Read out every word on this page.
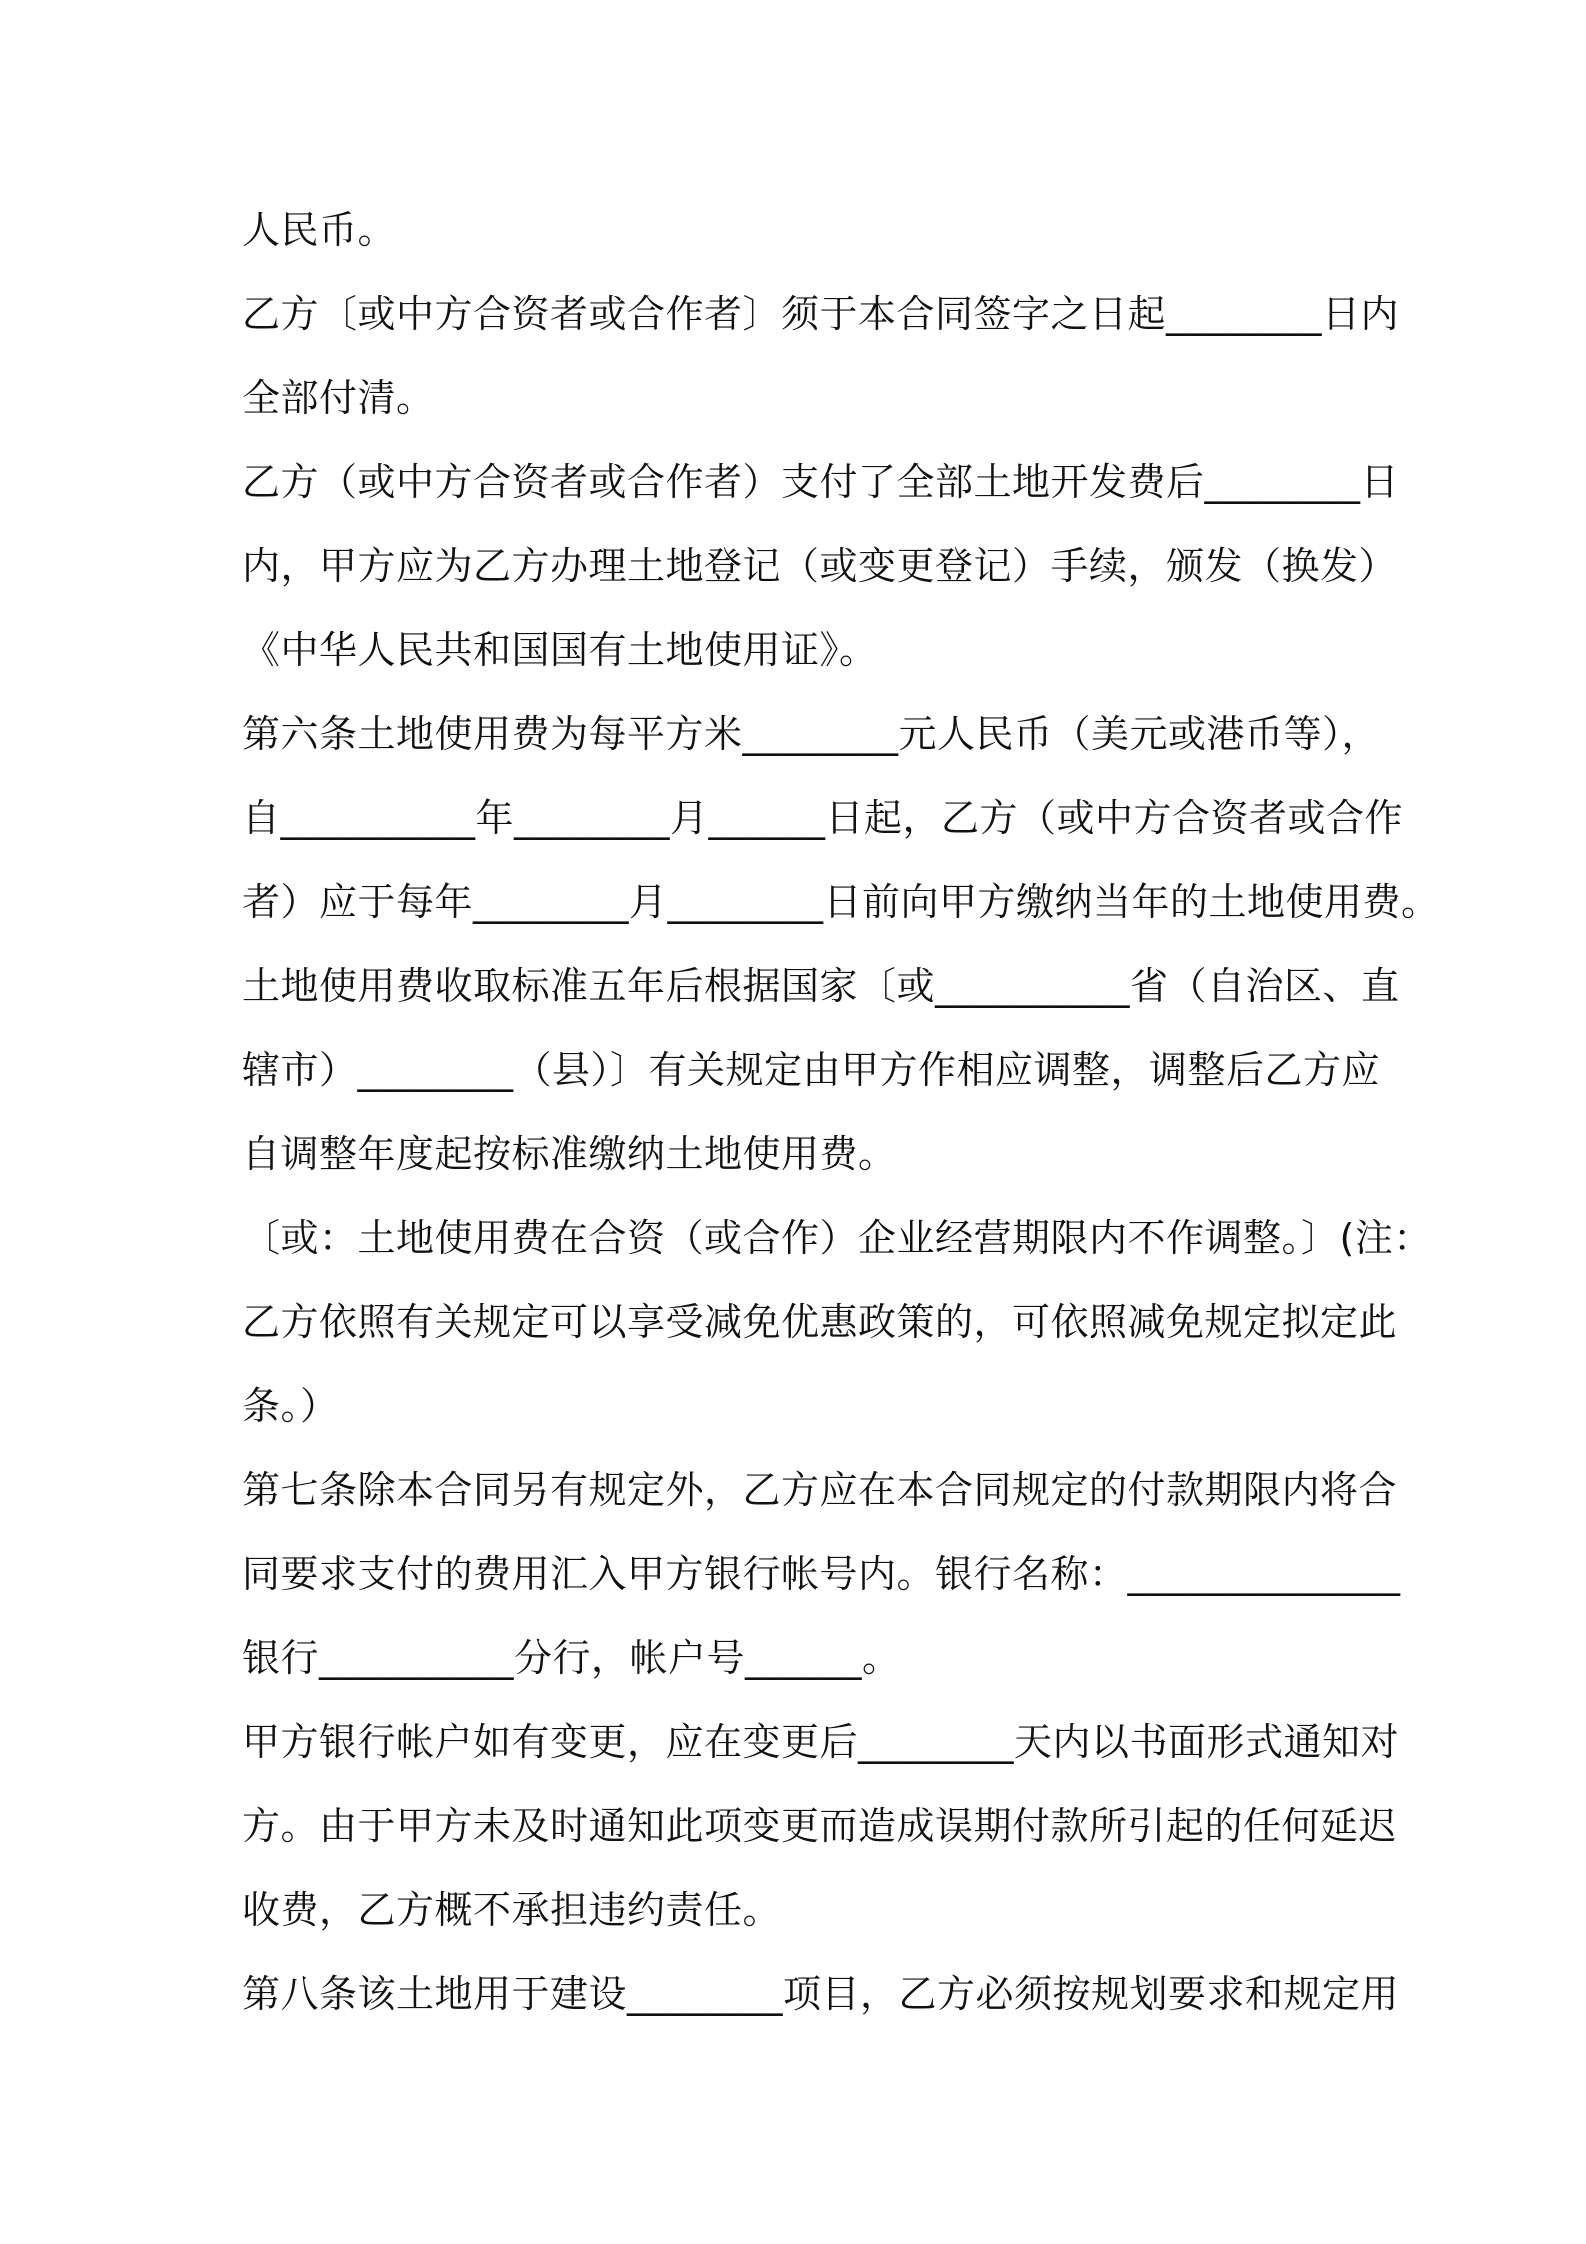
人民币。
乙方〔或中方合资者或合作者〕须于本合同签字之日起________日内
全部付清。
乙方（或中方合资者或合作者）支付了全部土地开发费后________日
内，甲方应为乙方办理土地登记（或变更登记）手续，颁发（换发）
《中华人民共和国国有土地使用证》。
第六条土地使用费为每平方米________元人民币（美元或港币等），
自__________年________月______日起，乙方（或中方合资者或合作
者）应于每年________月________日前向甲方缴纳当年的土地使用费。
土地使用费收取标准五年后根据国家〔或__________省（自治区、直
辖市）________（县）〕有关规定由甲方作相应调整，调整后乙方应
自调整年度起按标准缴纳土地使用费。
〔或：土地使用费在合资（或合作）企业经营期限内不作调整。〕(注：
乙方依照有关规定可以享受减免优惠政策的，可依照减免规定拟定此
条。）
第七条除本合同另有规定外，乙方应在本合同规定的付款期限内将合
同要求支付的费用汇入甲方银行帐号内。银行名称：______________
银行__________分行，帐户号______。
甲方银行帐户如有变更，应在变更后________天内以书面形式通知对
方。由于甲方未及时通知此项变更而造成误期付款所引起的任何延迟
收费，乙方概不承担违约责任。
第八条该土地用于建设________项目，乙方必须按规划要求和规定用
